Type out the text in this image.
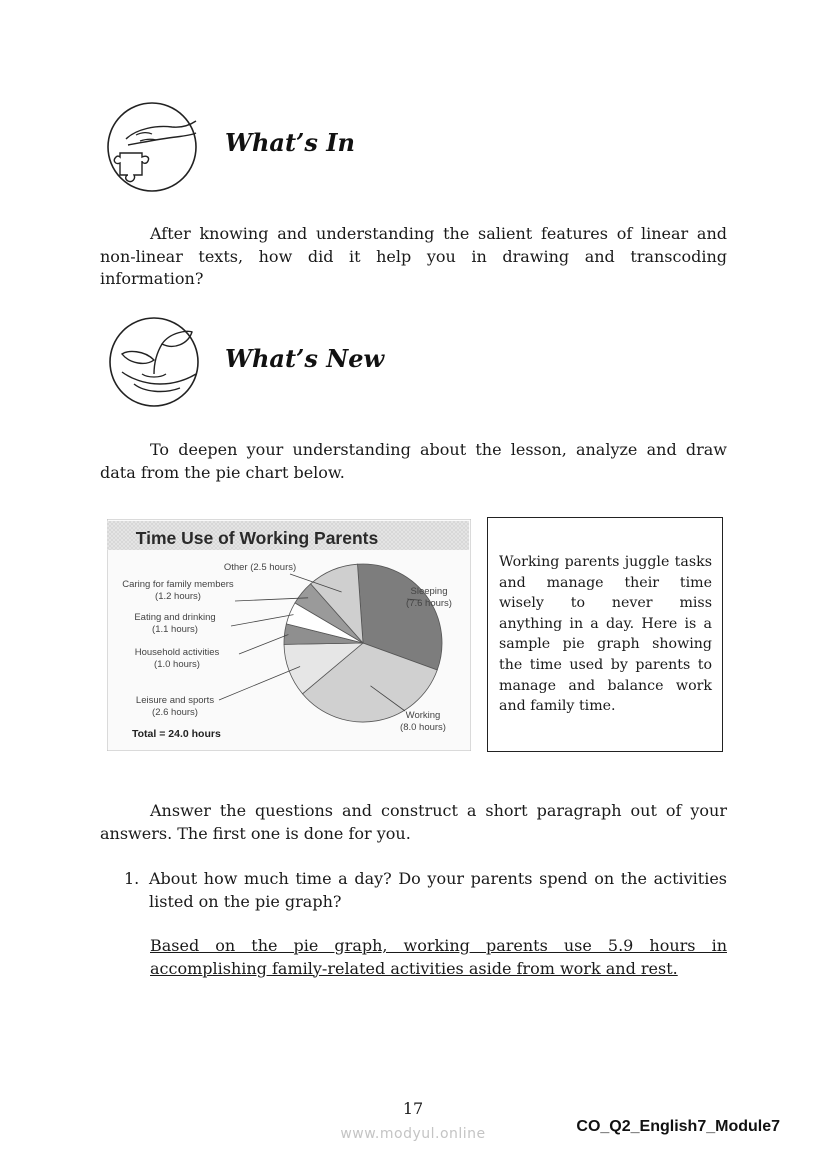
What’s In

After knowing and understanding the salient features of linear and non-linear texts, how did it help you in drawing and transcoding information?

What’s New

To deepen your understanding about the lesson, analyze and draw data from the pie chart below.

Time Use of Working Parents
Sleeping
(7.6 hours)
Working
(8.0 hours)
Leisure and sports
(2.6 hours)
Household activities
(1.0 hours)
Eating and drinking
(1.1 hours)
Caring for family members
(1.2 hours)
Other (2.5 hours)
Total = 24.0 hours
Working parents juggle tasks and manage their time wisely to never miss anything in a day. Here is a sample pie graph showing the time used by parents to manage and balance work and family time.

Answer the questions and construct a short paragraph out of your answers. The first one is done for you.

1. About how much time a day? Do your parents spend on the activities listed on the pie graph?
Based on the pie graph, working parents use 5.9 hours in accomplishing family-related activities aside from work and rest.
17
www.modyul.online	CO_Q2_English7_Module7
